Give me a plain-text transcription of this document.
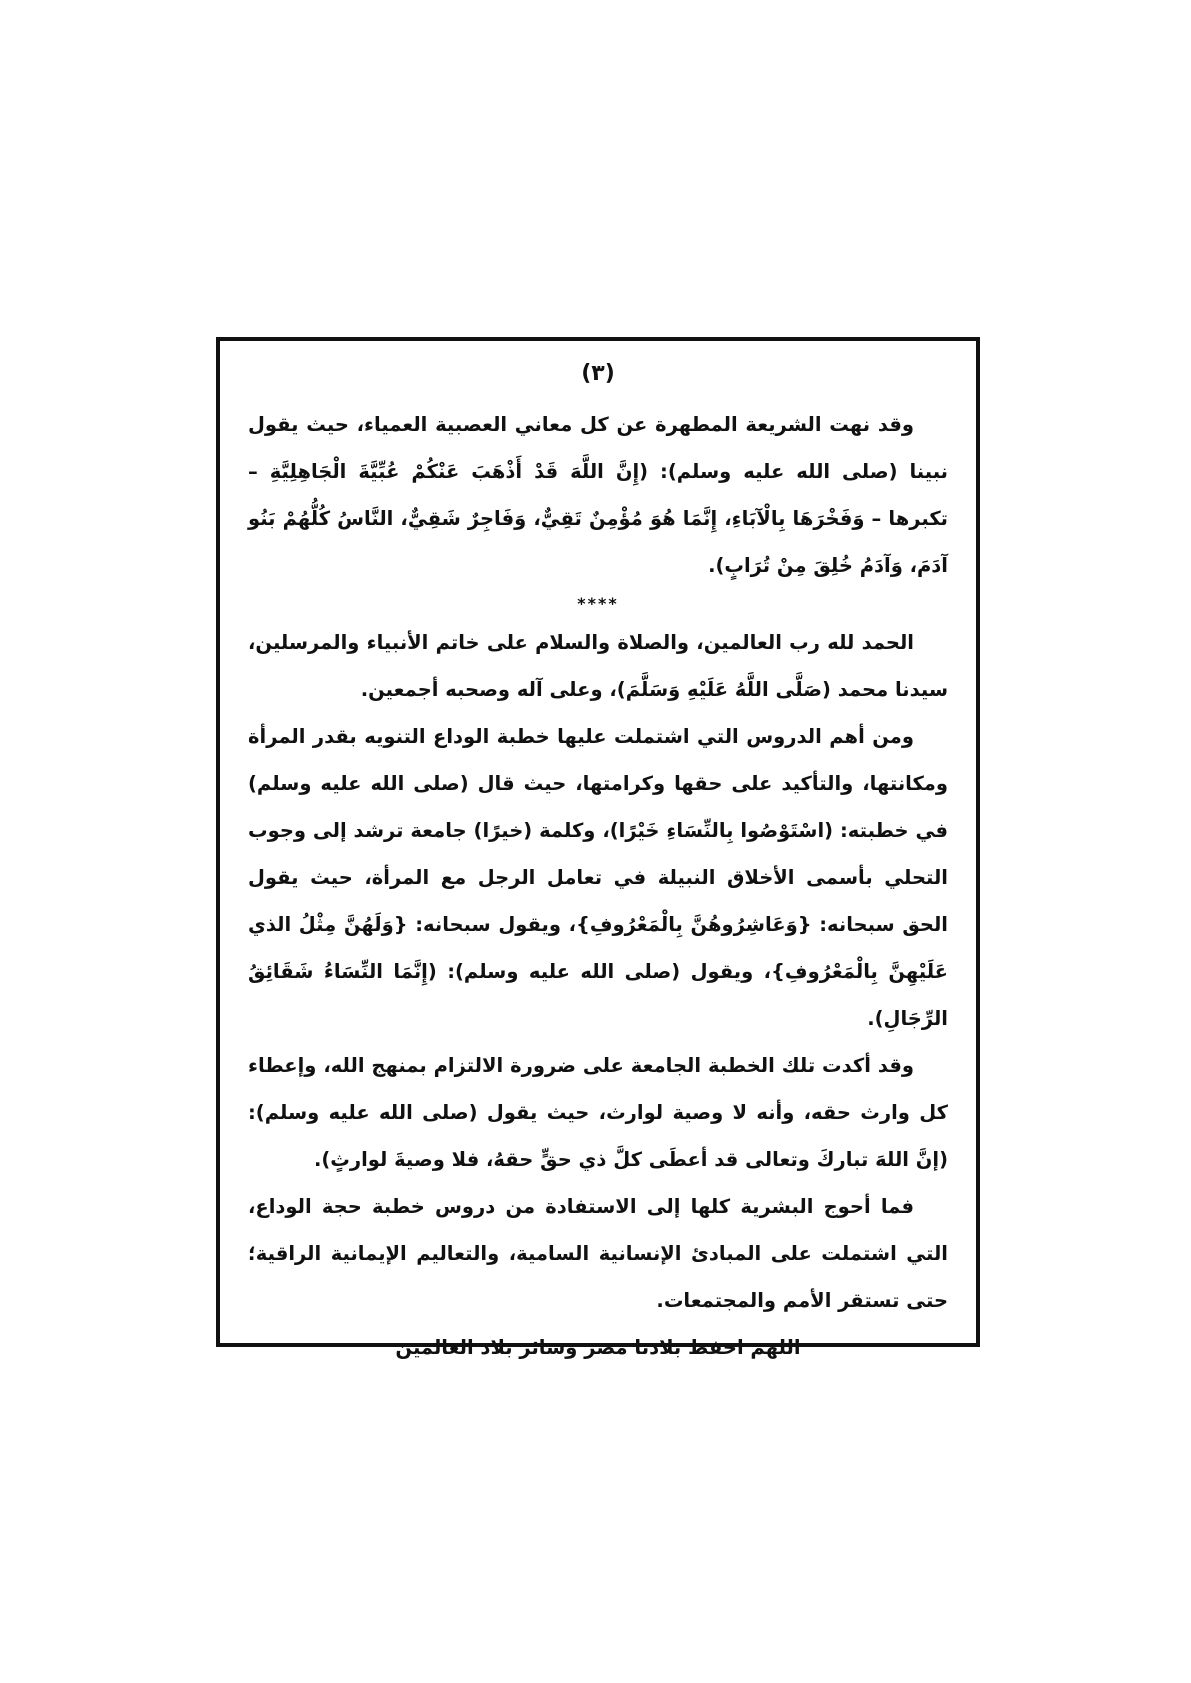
(٣)

وقد نهت الشريعة المطهرة عن كل معاني العصبية العمياء، حيث يقول نبينا (صلى الله عليه وسلم): (إِنَّ اللَّهَ قَدْ أَذْهَبَ عَنْكُمْ عُبِّيَّةَ الْجَاهِلِيَّةِ – تكبرها – وَفَخْرَهَا بِالْآبَاءِ، إِنَّمَا هُوَ مُؤْمِنٌ تَقِيٌّ، وَفَاجِرٌ شَقِيٌّ، النَّاسُ كُلُّهُمْ بَنُو آدَمَ، وَآدَمُ خُلِقَ مِنْ تُرَابٍ).

****

الحمد لله رب العالمين، والصلاة والسلام على خاتم الأنبياء والمرسلين، سيدنا محمد (صَلَّى اللَّهُ عَلَيْهِ وَسَلَّمَ)، وعلى آله وصحبه أجمعين.

ومن أهم الدروس التي اشتملت عليها خطبة الوداع التنويه بقدر المرأة ومكانتها، والتأكيد على حقها وكرامتها، حيث قال (صلى الله عليه وسلم) في خطبته: (اسْتَوْصُوا بِالنِّسَاءِ خَيْرًا)، وكلمة (خيرًا) جامعة ترشد إلى وجوب التحلي بأسمى الأخلاق النبيلة في تعامل الرجل مع المرأة، حيث يقول الحق سبحانه: {وَعَاشِرُوهُنَّ بِالْمَعْرُوفِ}، ويقول سبحانه: {وَلَهُنَّ مِثْلُ الذي عَلَيْهِنَّ بِالْمَعْرُوفِ}، ويقول (صلى الله عليه وسلم): (إِنَّمَا النِّسَاءُ شَقَائِقُ الرِّجَالِ).

وقد أكدت تلك الخطبة الجامعة على ضرورة الالتزام بمنهج الله، وإعطاء كل وارث حقه، وأنه لا وصية لوارث، حيث يقول (صلى الله عليه وسلم): (إنَّ اللهَ تباركَ وتعالى قد أعطَى كلَّ ذي حقٍّ حقهُ، فلا وصيةَ لوارثٍ).

فما أحوج البشرية كلها إلى الاستفادة من دروس خطبة حجة الوداع، التي اشتملت على المبادئ الإنسانية السامية، والتعاليم الإيمانية الراقية؛ حتى تستقر الأمم والمجتمعات.

اللهم احفظ بلادنا مصر وسائر بلاد العالمين
